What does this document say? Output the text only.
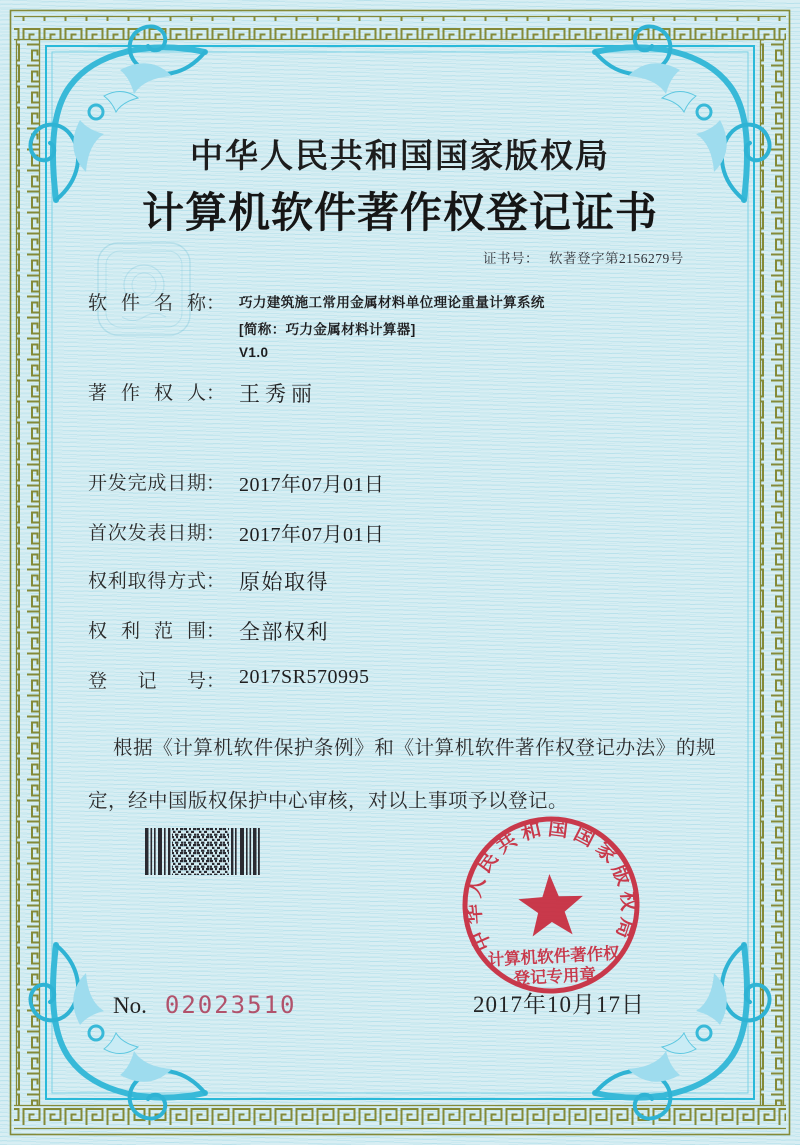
中华人民共和国国家版权局
计算机软件著作权登记证书
证书号： 软著登字第2156279号
软件名称 ： 巧力建筑施工常用金属材料单位理论重量计算系统
[简称：巧力金属材料计算器]
V1.0
著作权人 ： 王秀丽
开发完成日期 ： 2017年07月01日
首次发表日期 ： 2017年07月01日
权利取得方式 ： 原始取得
权利范围 ： 全部权利
登记号 ： 2017SR570995

根据《计算机软件保护条例》和《计算机软件著作权登记办法》的规定，经中国版权保护中心审核，对以上事项予以登记。

中华人民共和国国家版权局
计算机软件著作权
登记专用章
2017年10月17日
No. 02023510
